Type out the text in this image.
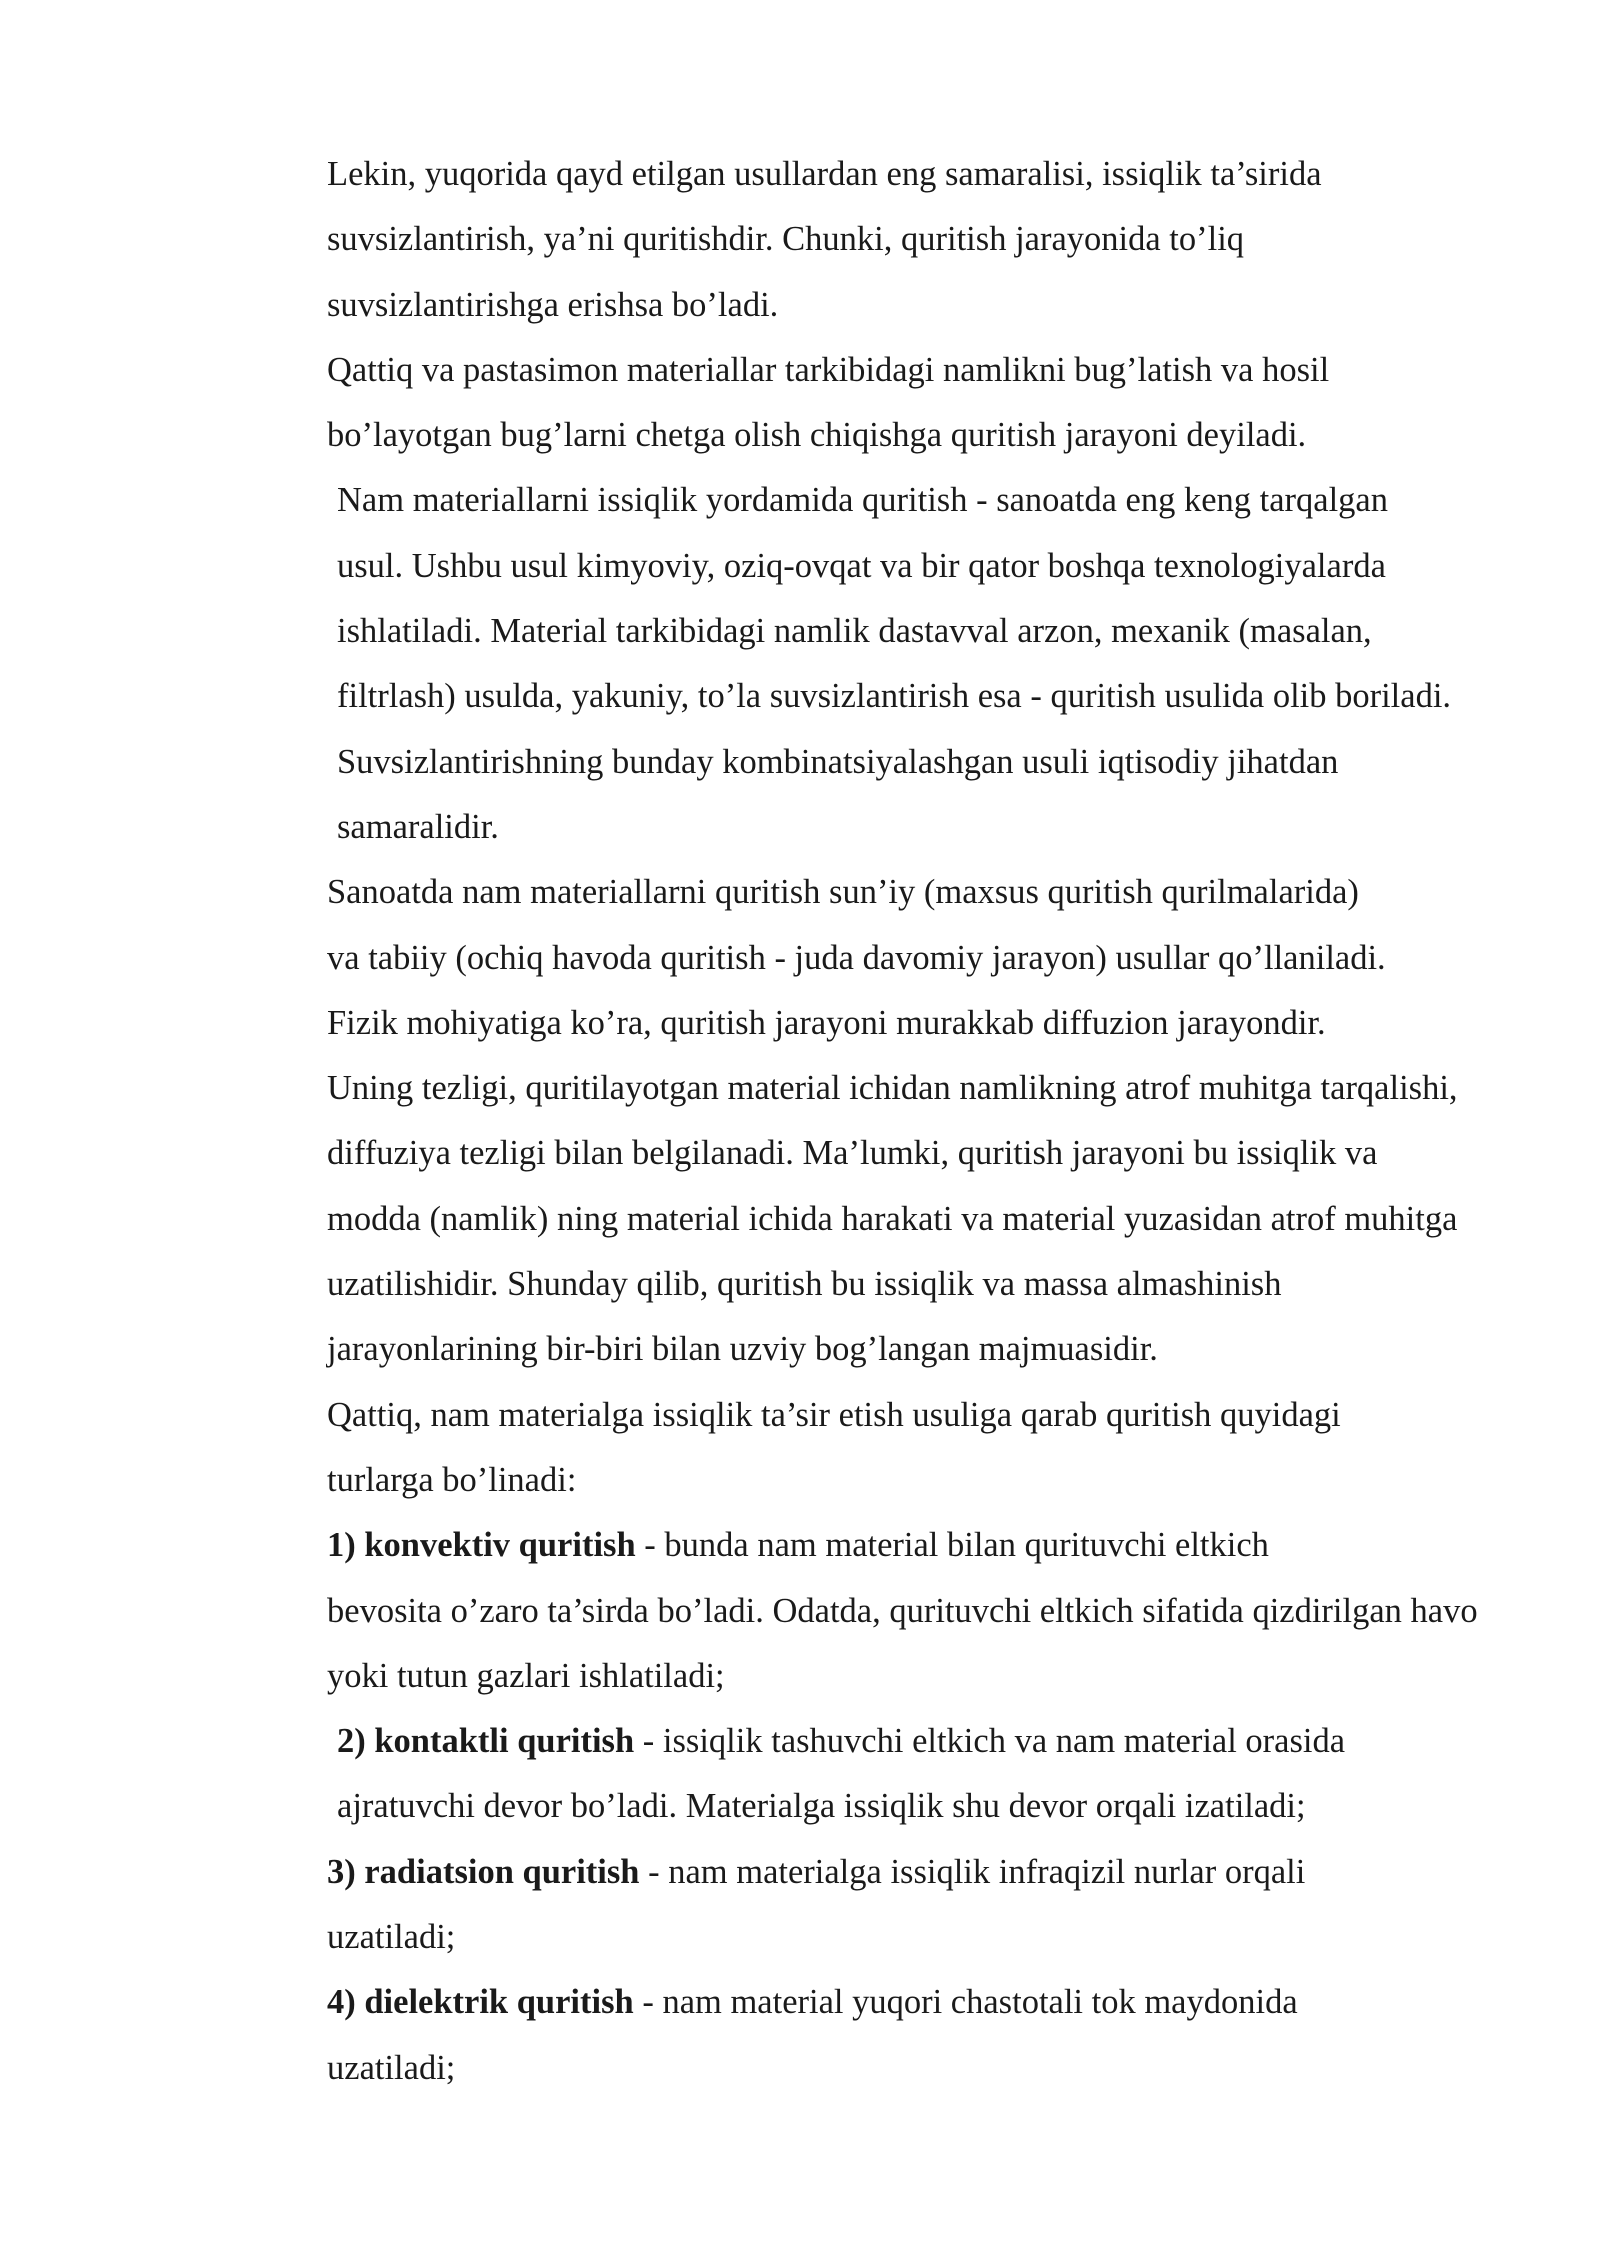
Lekin, yuqorida qayd etilgan usullardan eng samaralisi, issiqlik ta’sirida
suvsizlantirish, ya’ni quritishdir. Chunki, quritish jarayonida to’liq
suvsizlantirishga erishsa bo’ladi.

Qattiq va pastasimon materiallar tarkibidagi namlikni bug’latish va hosil
bo’layotgan bug’larni chetga olish chiqishga quritish jarayoni deyiladi.

Nam materiallarni issiqlik yordamida quritish - sanoatda eng keng tarqalgan
usul. Ushbu usul kimyoviy, oziq-ovqat va bir qator boshqa texnologiyalarda
ishlatiladi. Material tarkibidagi namlik dastavval arzon, mexanik (masalan,
filtrlash) usulda, yakuniy, to’la suvsizlantirish esa - quritish usulida olib boriladi.
Suvsizlantirishning bunday kombinatsiyalashgan usuli iqtisodiy jihatdan
samaralidir.

Sanoatda nam materiallarni quritish sun’iy (maxsus quritish qurilmalarida)
va tabiiy (ochiq havoda quritish - juda davomiy jarayon) usullar qo’llaniladi.

Fizik mohiyatiga ko’ra, quritish jarayoni murakkab diffuzion jarayondir.
Uning tezligi, quritilayotgan material ichidan namlikning atrof muhitga tarqalishi,
diffuziya tezligi bilan belgilanadi. Ma’lumki, quritish jarayoni bu issiqlik va
modda (namlik) ning material ichida harakati va material yuzasidan atrof muhitga
uzatilishidir. Shunday qilib, quritish bu issiqlik va massa almashinish
jarayonlarining bir-biri bilan uzviy bog’langan majmuasidir.

Qattiq, nam materialga issiqlik ta’sir etish usuliga qarab quritish quyidagi
turlarga bo’linadi:

1) konvektiv quritish - bunda nam material bilan qurituvchi eltkich
bevosita o’zaro ta’sirda bo’ladi. Odatda, qurituvchi eltkich sifatida qizdirilgan havo
yoki tutun gazlari ishlatiladi;

2) kontaktli quritish - issiqlik tashuvchi eltkich va nam material orasida
ajratuvchi devor bo’ladi. Materialga issiqlik shu devor orqali izatiladi;

3) radiatsion quritish - nam materialga issiqlik infraqizil nurlar orqali
uzatiladi;

4) dielektrik quritish - nam material yuqori chastotali tok maydonida
uzatiladi;
